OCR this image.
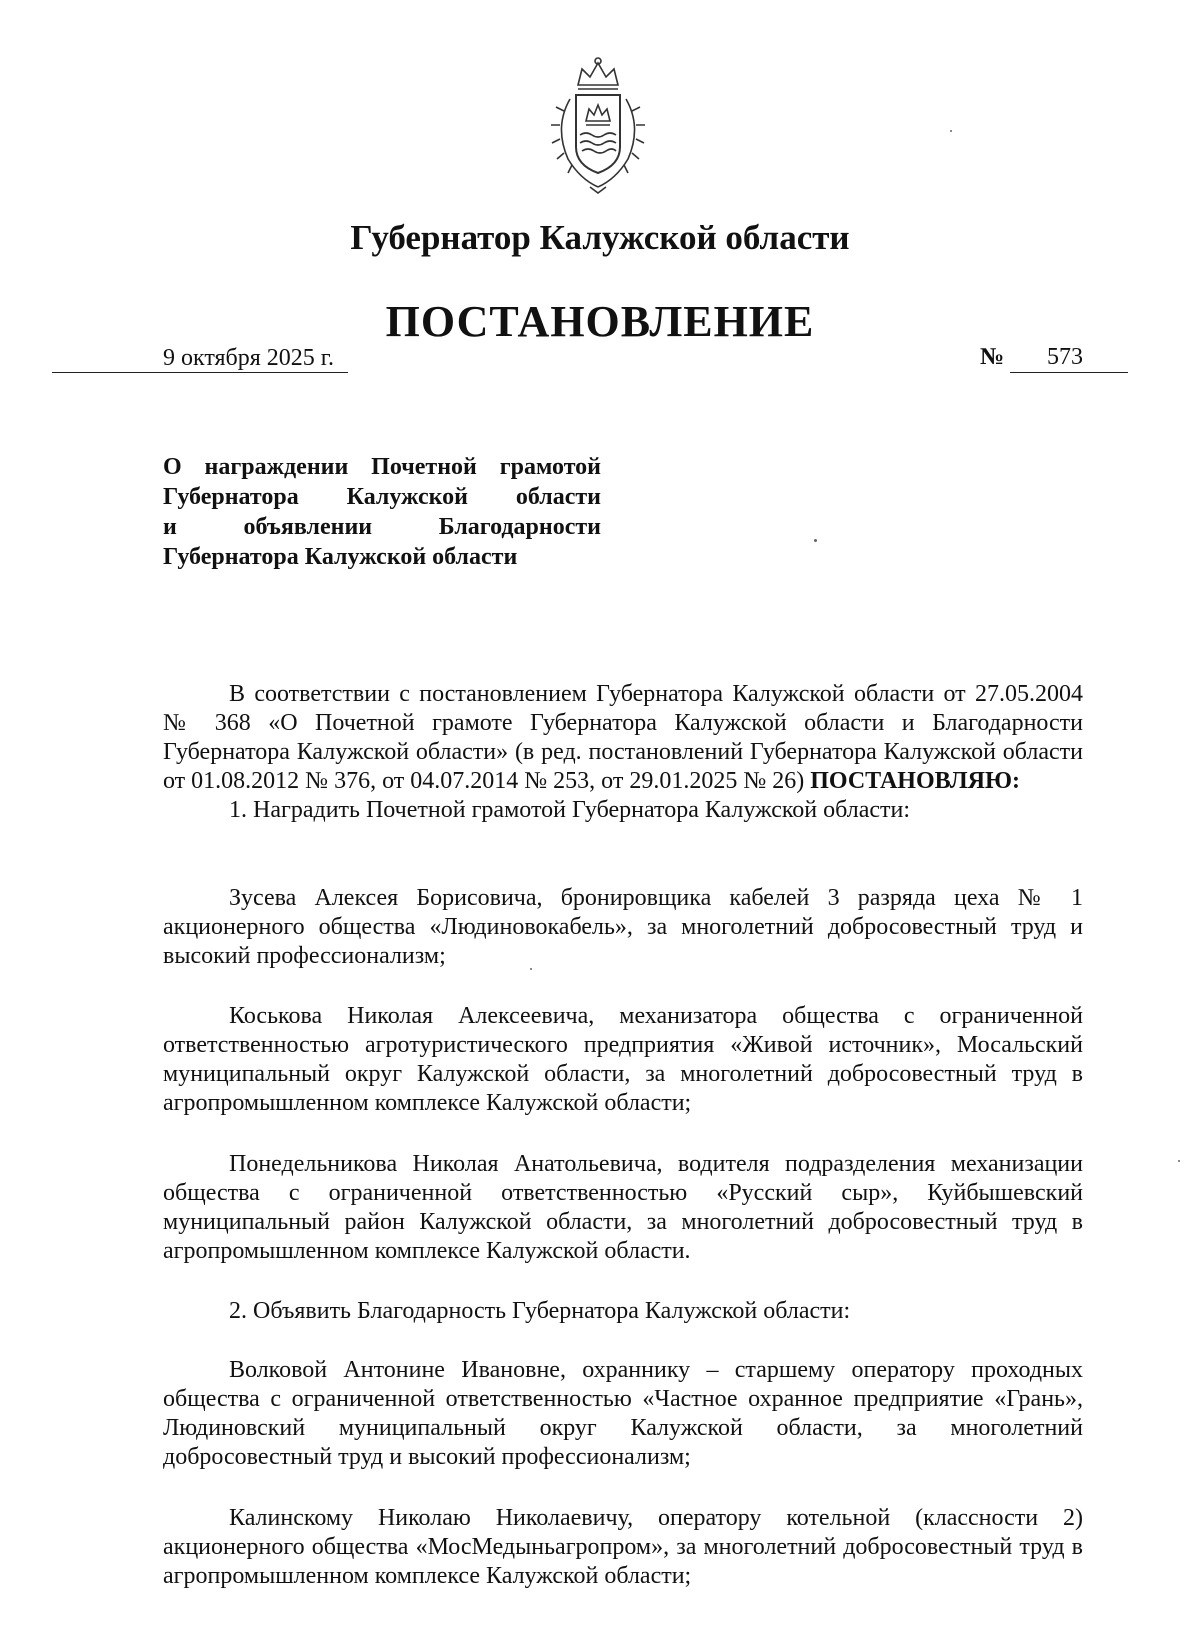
Губернатор Калужской области
ПОСТАНОВЛЕНИЕ
9 октября 2025 г.	№ 573
О награждении Почетной грамотой
Губернатора Калужской области
и объявлении Благодарности
Губернатора Калужской области

В соответствии с постановлением Губернатора Калужской области от 27.05.2004 № 368 «О Почетной грамоте Губернатора Калужской области и Благодарности Губернатора Калужской области» (в ред. постановлений Губернатора Калужской области от 01.08.2012 № 376, от 04.07.2014 № 253, от 29.01.2025 № 26) ПОСТАНОВЛЯЮ:

1. Наградить Почетной грамотой Губернатора Калужской области:

Зусева Алексея Борисовича, бронировщика кабелей 3 разряда цеха № 1 акционерного общества «Людиновокабель», за многолетний добросовестный труд и высокий профессионализм;

Коськова Николая Алексеевича, механизатора общества с ограниченной ответственностью агротуристического предприятия «Живой источник», Мосальский муниципальный округ Калужской области, за многолетний добросовестный труд в агропромышленном комплексе Калужской области;

Понедельникова Николая Анатольевича, водителя подразделения механизации общества с ограниченной ответственностью «Русский сыр», Куйбышевский муниципальный район Калужской области, за многолетний добросовестный труд в агропромышленном комплексе Калужской области.

2. Объявить Благодарность Губернатора Калужской области:

Волковой Антонине Ивановне, охраннику – старшему оператору проходных общества с ограниченной ответственностью «Частное охранное предприятие «Грань», Людиновский муниципальный округ Калужской области, за многолетний добросовестный труд и высокий профессионализм;

Калинскому Николаю Николаевичу, оператору котельной (классности 2) акционерного общества «МосМедыньагропром», за многолетний добросовестный труд в агропромышленном комплексе Калужской области;
